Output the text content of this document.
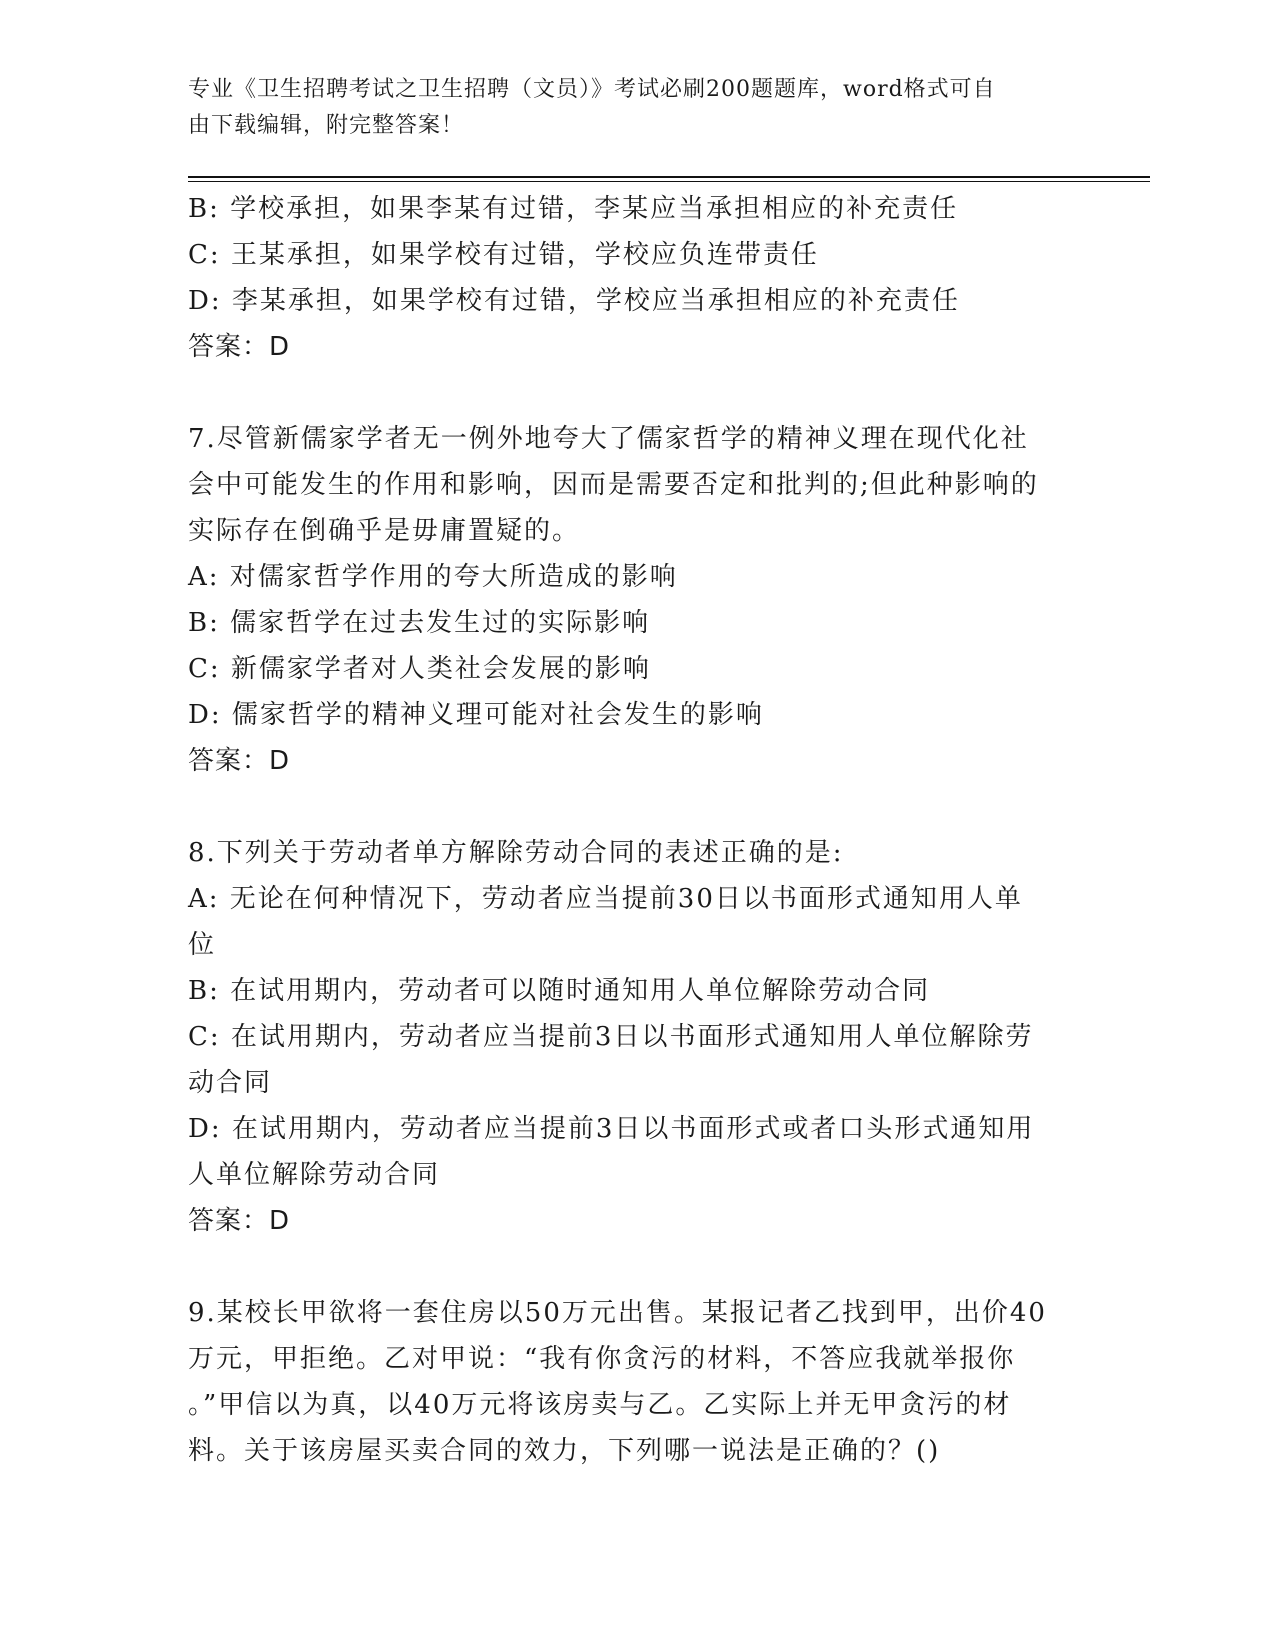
专业《卫生招聘考试之卫生招聘（文员）》考试必刷200题题库，word格式可自
由下载编辑，附完整答案！
B: 学校承担，如果李某有过错，李某应当承担相应的补充责任
C: 王某承担，如果学校有过错，学校应负连带责任
D: 李某承担，如果学校有过错，学校应当承担相应的补充责任
答案：D
7.尽管新儒家学者无一例外地夸大了儒家哲学的精神义理在现代化社
会中可能发生的作用和影响，因而是需要否定和批判的;但此种影响的
实际存在倒确乎是毋庸置疑的。
A: 对儒家哲学作用的夸大所造成的影响
B: 儒家哲学在过去发生过的实际影响
C: 新儒家学者对人类社会发展的影响
D: 儒家哲学的精神义理可能对社会发生的影响
答案：D
8.下列关于劳动者单方解除劳动合同的表述正确的是:
A: 无论在何种情况下，劳动者应当提前30日以书面形式通知用人单
位
B: 在试用期内，劳动者可以随时通知用人单位解除劳动合同
C: 在试用期内，劳动者应当提前3日以书面形式通知用人单位解除劳
动合同
D: 在试用期内，劳动者应当提前3日以书面形式或者口头形式通知用
人单位解除劳动合同
答案：D
9.某校长甲欲将一套住房以50万元出售。某报记者乙找到甲，出价40
万元，甲拒绝。乙对甲说：“我有你贪污的材料，不答应我就举报你
。”甲信以为真，以40万元将该房卖与乙。乙实际上并无甲贪污的材
料。关于该房屋买卖合同的效力，下列哪一说法是正确的？()
